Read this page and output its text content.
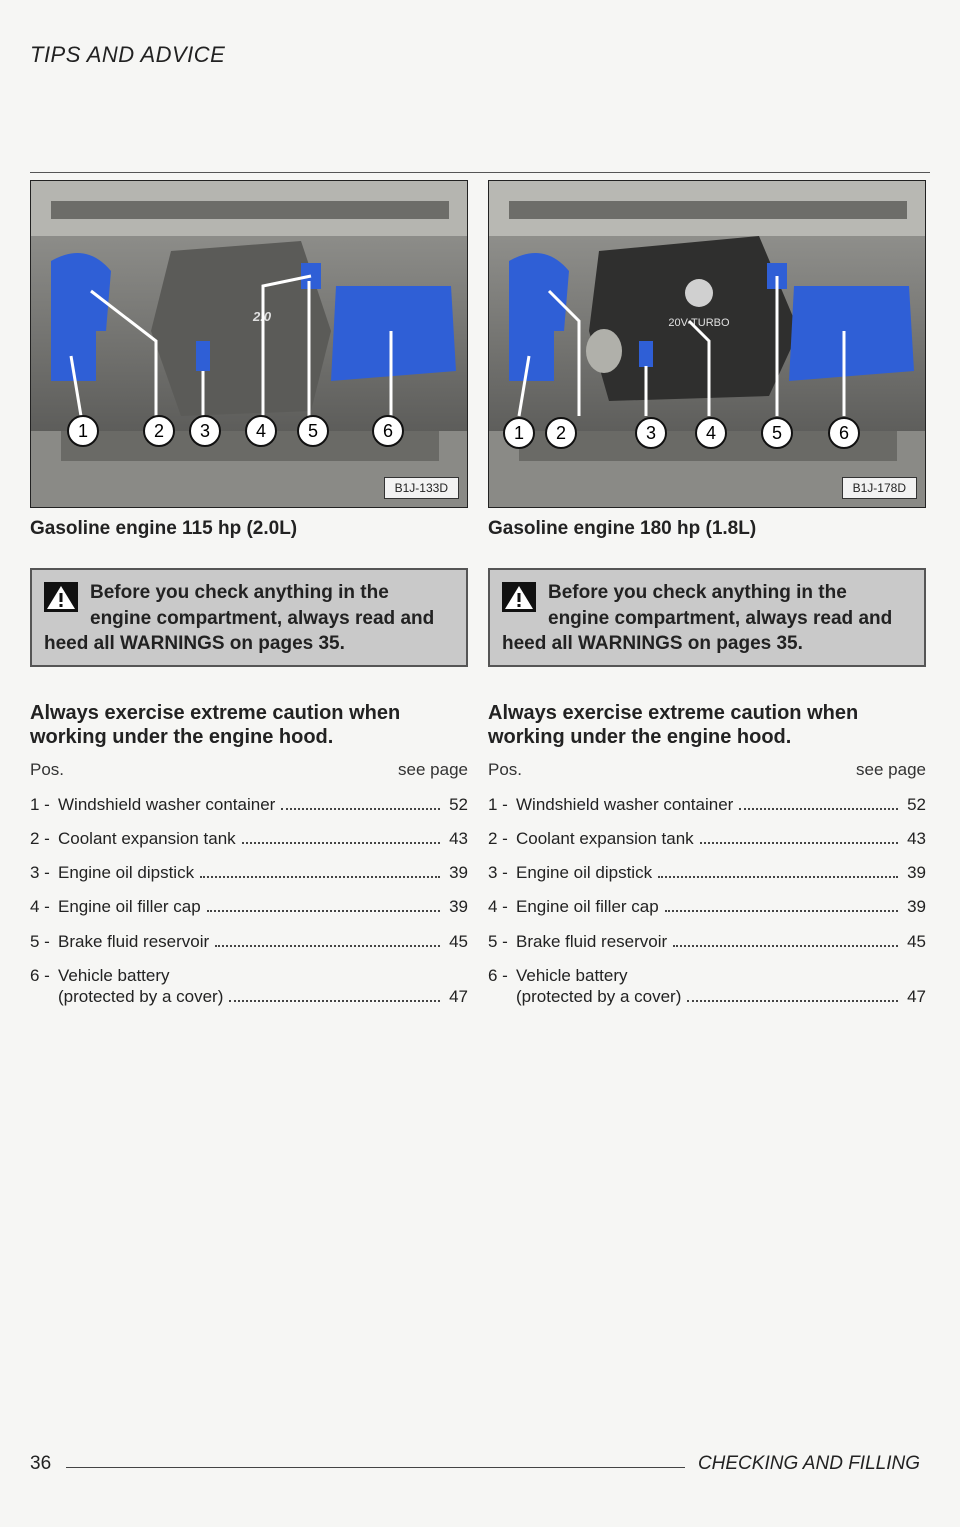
TIPS AND ADVICE
2.0
1	2 3	4 5	6
B1J-133D
Gasoline engine 115 hp (2.0L)

Before you check anything in the engine compartment, always read and heed all WARNINGS on pages 35.

Always exercise extreme caution when working under the engine hood.
Pos.	see page
1 - Windshield washer container	52
2 - Coolant expansion tank	43
3 - Engine oil dipstick	39
4 - Engine oil filler cap	39
5 - Brake fluid reservoir	45
6 - Vehicle battery
(protected by a cover)	47
20V-TURBO
1 2	3	4	5	6
B1J-178D
Gasoline engine 180 hp (1.8L)

Before you check anything in the engine compartment, always read and heed all WARNINGS on pages 35.

Always exercise extreme caution when working under the engine hood.
Pos.	see page
1 - Windshield washer container	52
2 - Coolant expansion tank	43
3 - Engine oil dipstick	39
4 - Engine oil filler cap	39
5 - Brake fluid reservoir	45
6 - Vehicle battery
(protected by a cover)	47
36	CHECKING AND FILLING
